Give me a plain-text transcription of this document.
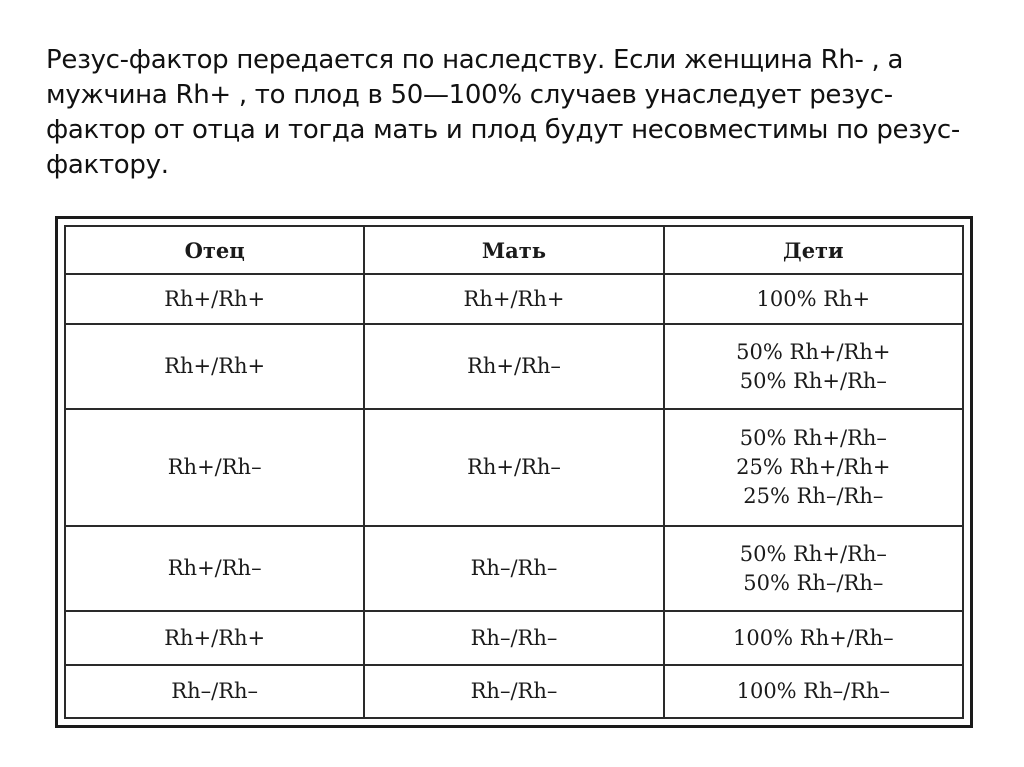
Резус-фактор передается по наследству. Если женщина Rh- , а мужчина Rh+ , то плод в 50—100% случаев унаследует резус-фактор от отца и тогда мать и плод будут несовместимы по резус-фактору.

Отец	Мать	Дети
Rh+/Rh+	Rh+/Rh+	100% Rh+

Rh+/Rh+	Rh+/Rh–	50% Rh+/Rh+
50% Rh+/Rh–

Rh+/Rh–	Rh+/Rh–	50% Rh+/Rh–
25% Rh+/Rh+
25% Rh–/Rh–

Rh+/Rh–	Rh–/Rh–	50% Rh+/Rh–
50% Rh–/Rh–

Rh+/Rh+	Rh–/Rh–	100% Rh+/Rh–

Rh–/Rh–	Rh–/Rh–	100% Rh–/Rh–
